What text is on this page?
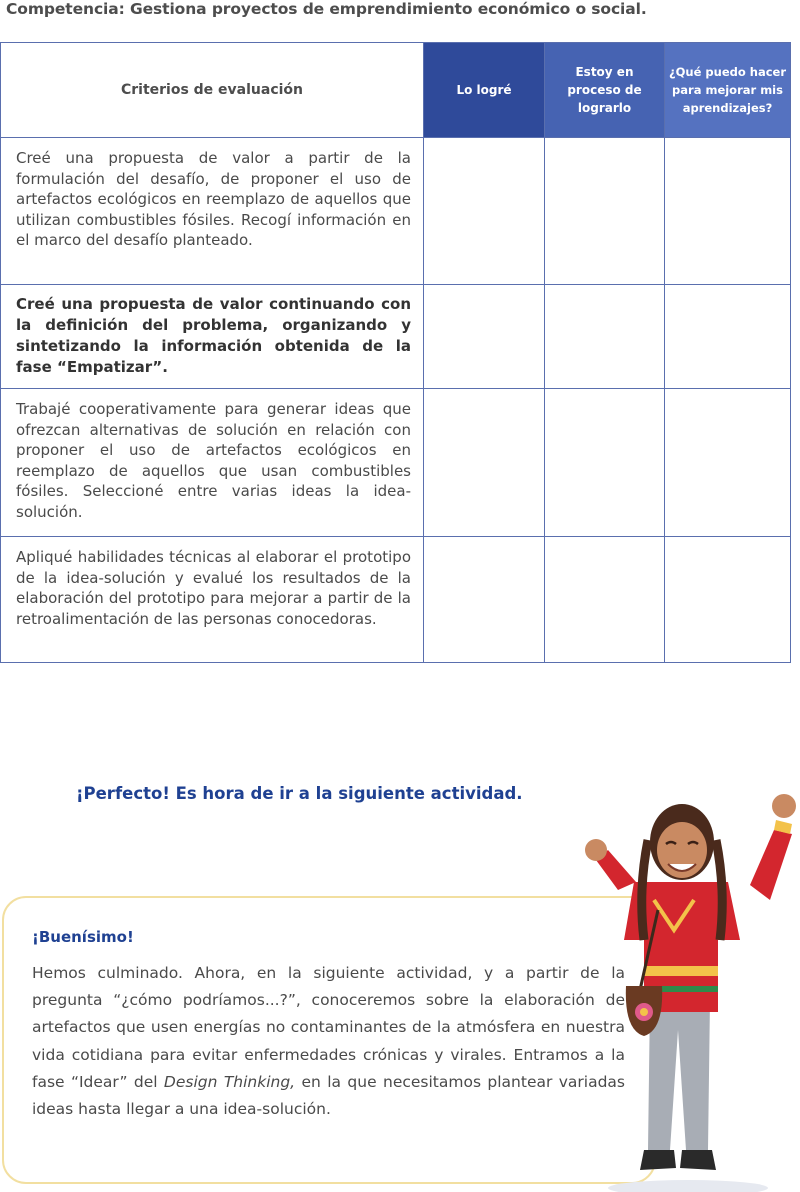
Competencia: Gestiona proyectos de emprendimiento económico o social.
Criterios de evaluación	Lo logré	Estoy en proceso de lograrlo	¿Qué puedo hacer para mejorar mis aprendizajes?
Creé una propuesta de valor a partir de la formulación del desafío, de proponer el uso de artefactos ecológicos en reemplazo de aquellos que utilizan combustibles fósiles. Recogí información en el marco del desafío planteado.			
Creé una propuesta de valor continuando con la definición del problema, organizando y sintetizando la información obtenida de la fase “Empatizar”.			
Trabajé cooperativamente para generar ideas que ofrezcan alternativas de solución en relación con proponer el uso de artefactos ecológicos en reemplazo de aquellos que usan combustibles fósiles. Seleccioné entre varias ideas la idea-solución.			
Apliqué habilidades técnicas al elaborar el prototipo de la idea-solución y evalué los resultados de la elaboración del prototipo para mejorar a partir de la retroalimentación de las personas conocedoras.			
¡Perfecto! Es hora de ir a la siguiente actividad.
¡Buenísimo!
Hemos culminado. Ahora, en la siguiente actividad, y a partir de la pregunta “¿cómo podríamos...?”, conoceremos sobre la elaboración de artefactos que usen energías no contaminantes de la atmósfera en nuestra vida cotidiana para evitar enfermedades crónicas y virales. Entramos a la fase “Idear” del Design Thinking, en la que necesitamos plantear variadas ideas hasta llegar a una idea-solución.
